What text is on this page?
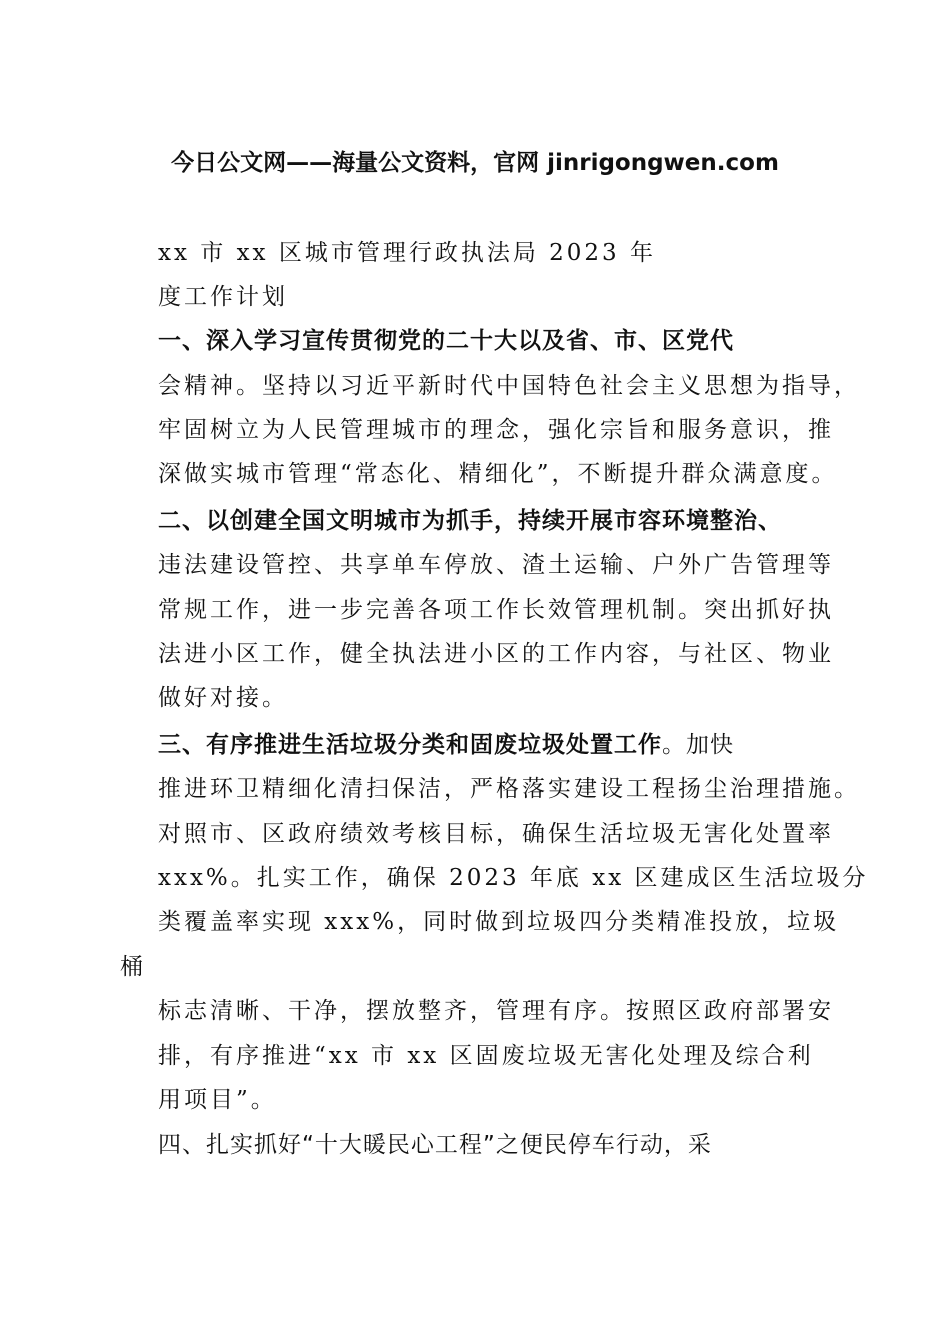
今日公文网——海量公文资料，官网 jinrigongwen.com
xx 市 xx 区城市管理行政执法局 2023 年
度工作计划
一、深入学习宣传贯彻党的二十大以及省、市、区党代
会精神。坚持以习近平新时代中国特色社会主义思想为指导，
牢固树立为人民管理城市的理念，强化宗旨和服务意识，推
深做实城市管理“常态化、精细化”，不断提升群众满意度。
二、以创建全国文明城市为抓手，持续开展市容环境整治、
违法建设管控、共享单车停放、渣土运输、户外广告管理等
常规工作，进一步完善各项工作长效管理机制。突出抓好执
法进小区工作，健全执法进小区的工作内容，与社区、物业
做好对接。
三、有序推进生活垃圾分类和固废垃圾处置工作。加快
推进环卫精细化清扫保洁，严格落实建设工程扬尘治理措施。
对照市、区政府绩效考核目标，确保生活垃圾无害化处置率
xxx%。扎实工作，确保 2023 年底 xx 区建成区生活垃圾分
类覆盖率实现 xxx%，同时做到垃圾四分类精准投放，垃圾
桶
标志清晰、干净，摆放整齐，管理有序。按照区政府部署安
排，有序推进“xx 市 xx 区固废垃圾无害化处理及综合利
用项目”。
四、扎实抓好“十大暖民心工程”之便民停车行动，采
